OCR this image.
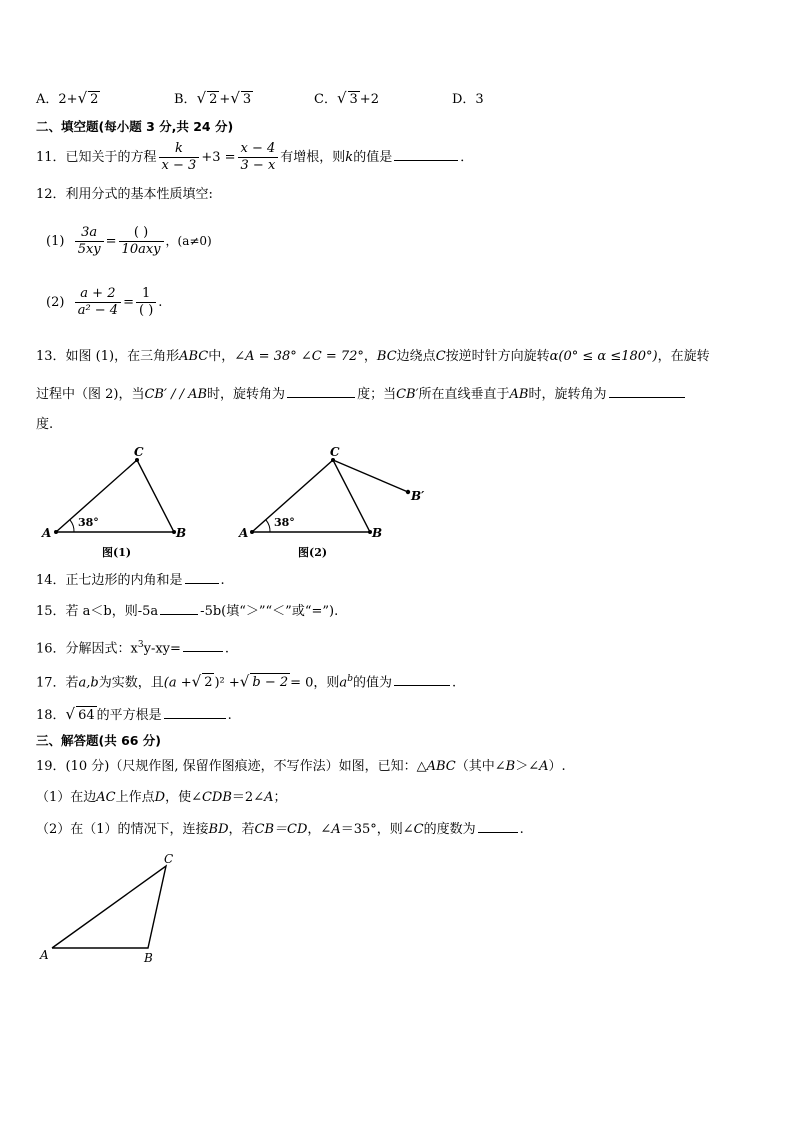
A．2+√ 2	B．√ 2 +√ 3	C．√ 3 +2	D．3
二、填空题(每小题 3 分,共 24 分)
11．已知关于的方程 $\frac{k}{x - 3} +3 = \frac{x - 4}{3 - x}$ 有增根，则k的值是	．
12．利用分式的基本性质填空:
$(1) \frac{3a}{5xy} = \frac{( )}{\text{10axy}}$ ，(a≠0)
$(2) \frac{a + 2}{\text{a² − 4}} = \frac{1}{( )}$ .
13．如图 (1)，在三角形ABC中，∠A = 38° ∠C = 72°，BC边绕点C按逆时针方向旋转α(0° ≤ α ≤180°)，在旋转
过程中（图 2)，当CB′ / / AB时，旋转角为	度；当CB′所在直线垂直于AB时，旋转角为
度.
A
C
B
38°
图(1)
A
C
B
B′
38°
图(2)
14．正七边形的内角和是	.
15．若 a＜b，则-5a	-5b(填“＞”“＜”或“=”).
16．分解因式：$x^3y-xy=$	.
17．若a,b为实数，且(a +√ 2 )² +√ b − 2 = 0，则$a^b$的值为	.
18．√ 64 的平方根是	.
三、解答题(共 66 分)
19．(10 分)（尺规作图, 保留作图痕迹，不写作法）如图，已知：△ABC（其中∠B＞∠A）.
（1）在边AC上作点D，使∠CDB＝2∠A；
（2）在（1）的情况下，连接BD，若CB＝CD，∠A＝35°，则∠C的度数为	.
A
C
B
